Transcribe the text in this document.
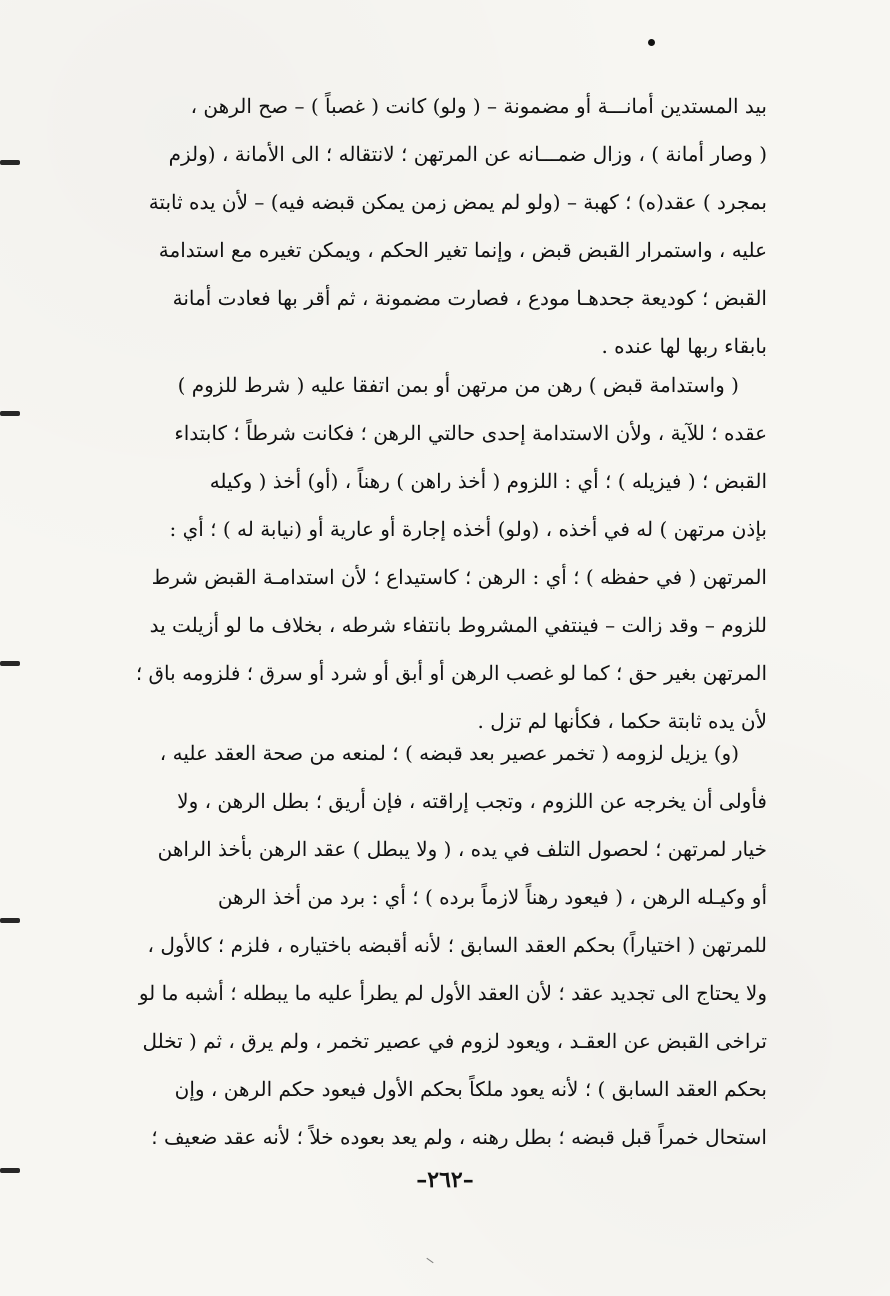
بيد المستدين أمانـــة أو مضمونة – ( ولو) كانت ( غصباً ) – صح الرهن ،
( وصار أمانة ) ، وزال ضمـــانه عن المرتهن ؛ لانتقاله ؛ الى الأمانة ، (ولزم
بمجرد ) عقد(ه) ؛ كهبة – (ولو لم يمض زمن يمكن قبضه فيه) – لأن يده ثابتة
عليه ، واستمرار القبض قبض ، وإنما تغير الحكم ، ويمكن تغيره مع استدامة
القبض ؛ كوديعة جحدهـا مودع ، فصارت مضمونة ، ثم أقر بها فعادت أمانة
بابقاء ربها لها عنده .
( واستدامة قبض ) رهن من مرتهن أو بمن اتفقا عليه ( شرط للزوم )
عقده ؛ للآية ، ولأن الاستدامة إحدى حالتي الرهن ؛ فكانت شرطاً ؛ كابتداء
القبض ؛ ( فيزيله ) ؛ أي : اللزوم ( أخذ راهن ) رهناً ، (أو) أخذ ( وكيله
بإذن مرتهن ) له في أخذه ، (ولو) أخذه إجارة أو عارية أو (نيابة له ) ؛ أي :
المرتهن ( في حفظه ) ؛ أي : الرهن ؛ كاستيداع ؛ لأن استدامـة القبض شرط
للزوم – وقد زالت – فينتفي المشروط بانتفاء شرطه ، بخلاف ما لو أزيلت يد
المرتهن بغير حق ؛ كما لو غصب الرهن أو أبق أو شرد أو سرق ؛ فلزومه باق ؛
لأن يده ثابتة حكما ، فكأنها لم تزل .
(و) يزيل لزومه ( تخمر عصير بعد قبضه ) ؛ لمنعه من صحة العقد عليه ،
فأولى أن يخرجه عن اللزوم ، وتجب إراقته ، فإن أريق ؛ بطل الرهن ، ولا
خيار لمرتهن ؛ لحصول التلف في يده ، ( ولا يبطل ) عقد الرهن بأخذ الراهن
أو وكيـله الرهن ، ( فيعود رهناً لازماً برده ) ؛ أي : برد من أخذ الرهن
للمرتهن ( اختياراً) بحكم العقد السابق ؛ لأنه أقبضه باختياره ، فلزم ؛ كالأول ،
ولا يحتاج الى تجديد عقد ؛ لأن العقد الأول لم يطرأ عليه ما يبطله ؛ أشبه ما لو
تراخى القبض عن العقـد ، ويعود لزوم في عصير تخمر ، ولم يرق ، ثم ( تخلل
بحكم العقد السابق ) ؛ لأنه يعود ملكاً بحكم الأول فيعود حكم الرهن ، وإن
استحال خمراً قبل قبضه ؛ بطل رهنه ، ولم يعد بعوده خلاً ؛ لأنه عقد ضعيف ؛
–٢٦٢–
